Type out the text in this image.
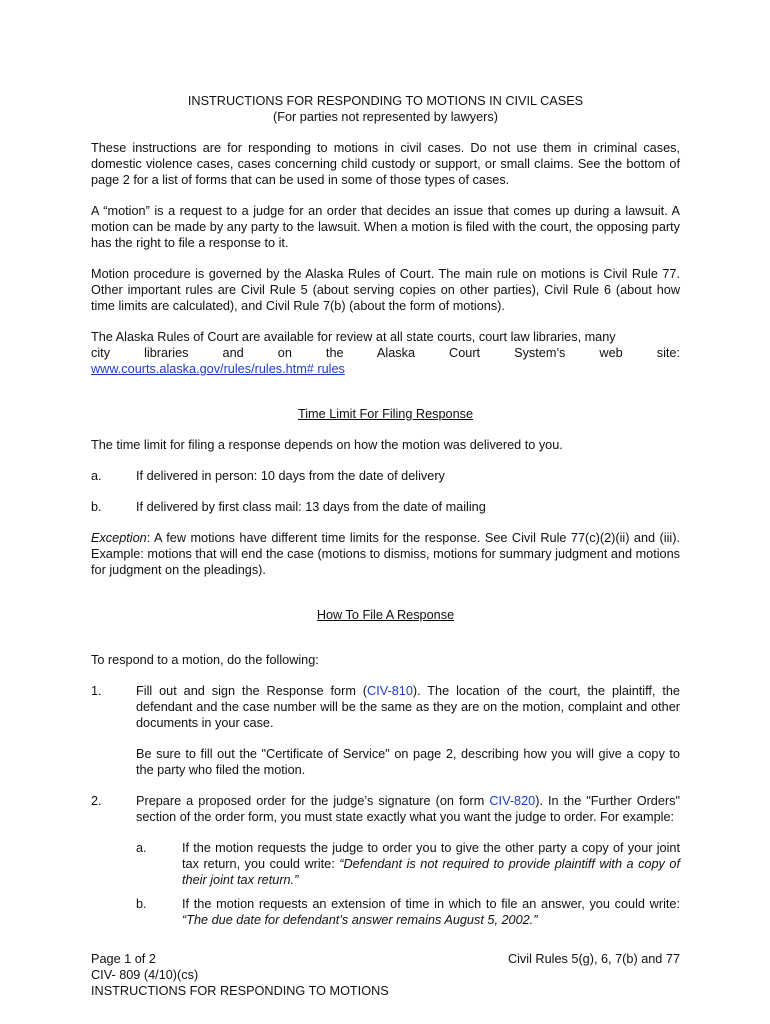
INSTRUCTIONS FOR RESPONDING TO MOTIONS IN CIVIL CASES
(For parties not represented by lawyers)

These instructions are for responding to motions in civil cases. Do not use them in criminal cases, domestic violence cases, cases concerning child custody or support, or small claims. See the bottom of page 2 for a list of forms that can be used in some of those types of cases.

A “motion” is a request to a judge for an order that decides an issue that comes up during a lawsuit. A motion can be made by any party to the lawsuit. When a motion is filed with the court, the opposing party has the right to file a response to it.

Motion procedure is governed by the Alaska Rules of Court. The main rule on motions is Civil Rule 77. Other important rules are Civil Rule 5 (about serving copies on other parties), Civil Rule 6 (about how time limits are calculated), and Civil Rule 7(b) (about the form of motions).

The Alaska Rules of Court are available for review at all state courts, court law libraries, many
city libraries and on the Alaska Court System’s web site:
www.courts.alaska.gov/rules/rules.htm# rules
Time Limit For Filing Response

The time limit for filing a response depends on how the motion was delivered to you.

a.	If delivered in person: 10 days from the date of delivery
b.	If delivered by first class mail: 13 days from the date of mailing

Exception: A few motions have different time limits for the response. See Civil Rule 77(c)(2)(ii) and (iii). Example: motions that will end the case (motions to dismiss, motions for summary judgment and motions for judgment on the pleadings).

How To File A Response

To respond to a motion, do the following:

1.	Fill out and sign the Response form (CIV-810). The location of the court, the plaintiff, the defendant and the case number will be the same as they are on the motion, complaint and other documents in your case.
Be sure to fill out the "Certificate of Service" on page 2, describing how you will give a copy to the party who filed the motion.
2.	Prepare a proposed order for the judge’s signature (on form CIV-820). In the "Further Orders" section of the order form, you must state exactly what you want the judge to order. For example:
a.	If the motion requests the judge to order you to give the other party a copy of your joint tax return, you could write: “Defendant is not required to provide plaintiff with a copy of their joint tax return.”
b.	If the motion requests an extension of time in which to file an answer, you could write: “The due date for defendant’s answer remains August 5, 2002.”
Page 1 of 2
CIV- 809 (4/10)(cs)
INSTRUCTIONS FOR RESPONDING TO MOTIONS
Civil Rules 5(g), 6, 7(b) and 77
